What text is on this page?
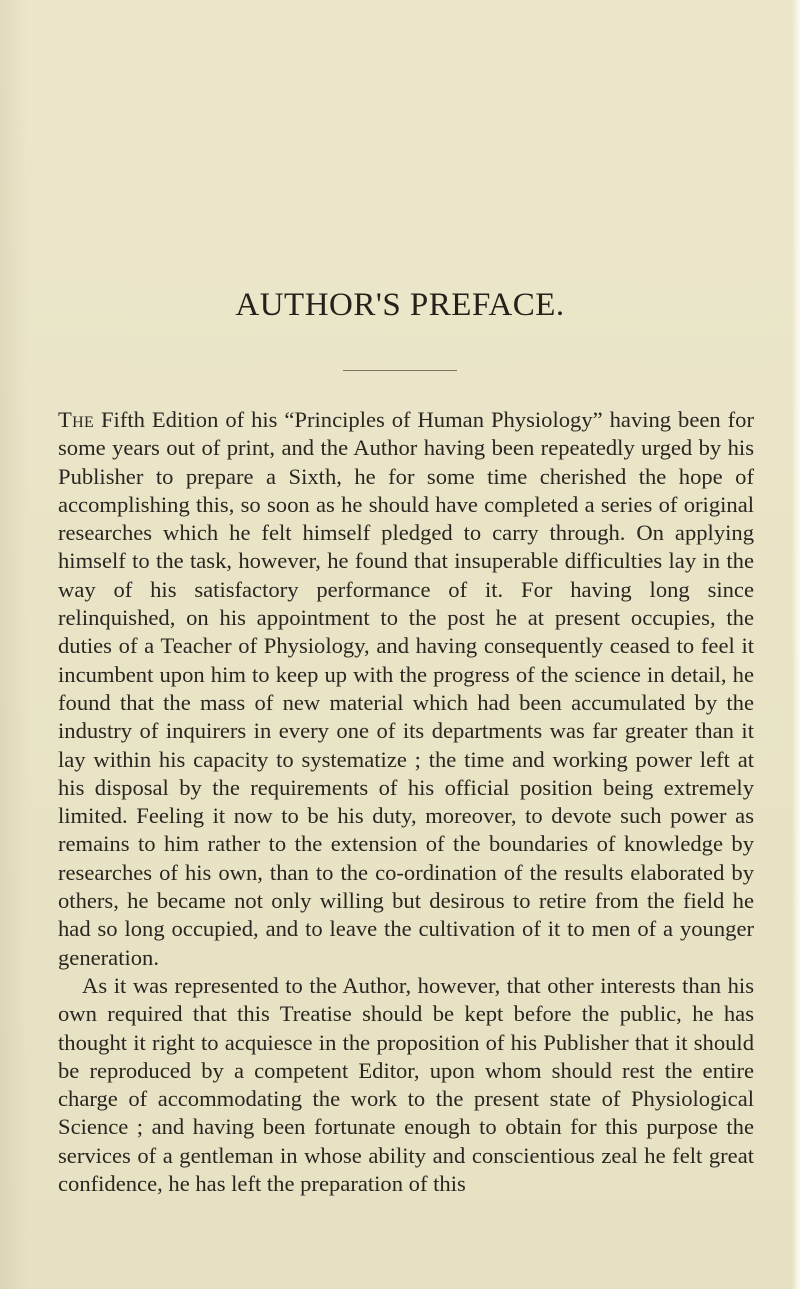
AUTHOR'S PREFACE.

The Fifth Edition of his “Principles of Human Physiology” having been for some years out of print, and the Author having been repeatedly urged by his Publisher to prepare a Sixth, he for some time cherished the hope of accomplishing this, so soon as he should have completed a series of original researches which he felt himself pledged to carry through. On applying himself to the task, however, he found that insuperable difficulties lay in the way of his satisfactory performance of it. For having long since relinquished, on his appointment to the post he at present occupies, the duties of a Teacher of Physiology, and having consequently ceased to feel it incumbent upon him to keep up with the progress of the science in detail, he found that the mass of new material which had been accumulated by the industry of inquirers in every one of its departments was far greater than it lay within his capacity to systematize ; the time and working power left at his disposal by the requirements of his official position being extremely limited. Feeling it now to be his duty, moreover, to devote such power as remains to him rather to the extension of the boundaries of knowledge by researches of his own, than to the co-ordination of the results elaborated by others, he became not only willing but desirous to retire from the field he had so long occupied, and to leave the cultivation of it to men of a younger generation.

As it was represented to the Author, however, that other interests than his own required that this Treatise should be kept before the public, he has thought it right to acquiesce in the proposition of his Publisher that it should be reproduced by a competent Editor, upon whom should rest the entire charge of accommodating the work to the present state of Physiological Science ; and having been fortunate enough to obtain for this purpose the services of a gentleman in whose ability and conscientious zeal he felt great confidence, he has left the preparation of this
